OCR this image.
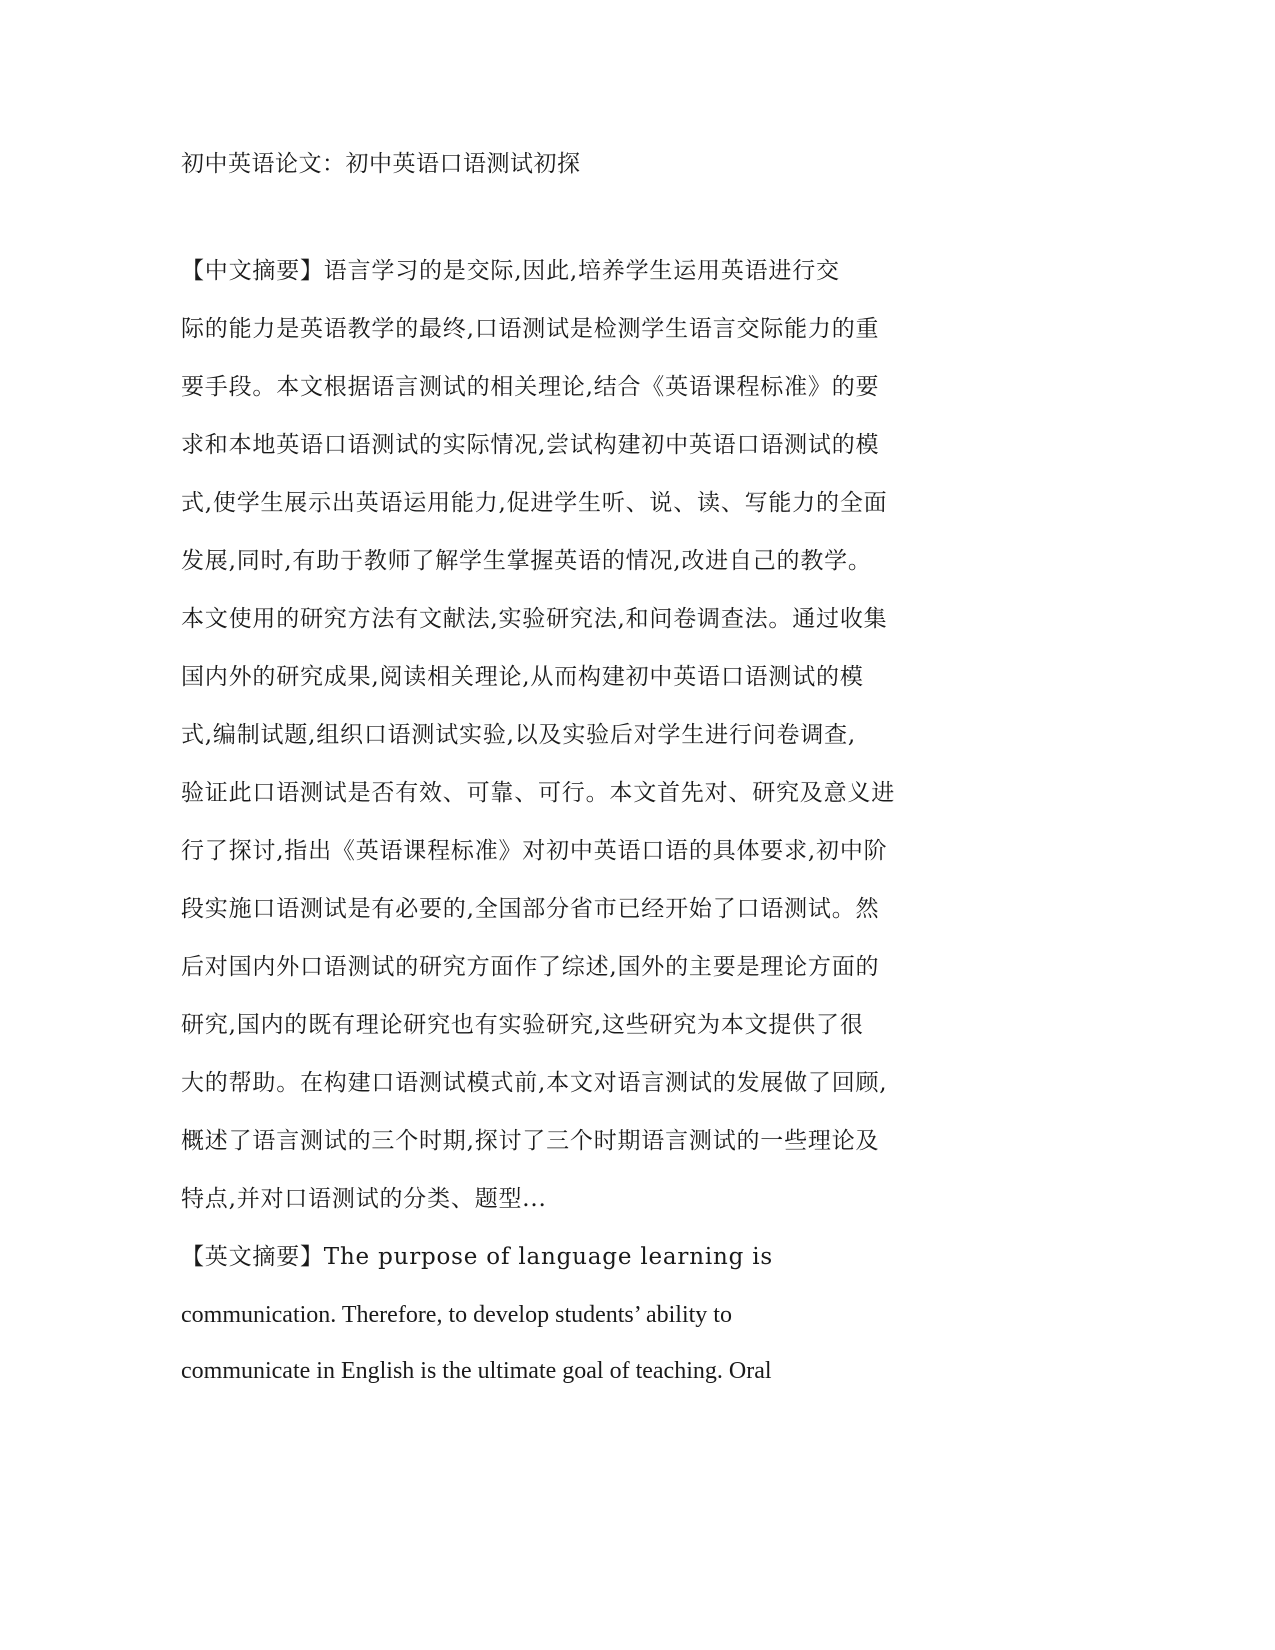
初中英语论文：初中英语口语测试初探
【中文摘要】语言学习的是交际,因此,培养学生运用英语进行交
际的能力是英语教学的最终,口语测试是检测学生语言交际能力的重
要手段。本文根据语言测试的相关理论,结合《英语课程标准》的要
求和本地英语口语测试的实际情况,尝试构建初中英语口语测试的模
式,使学生展示出英语运用能力,促进学生听、说、读、写能力的全面
发展,同时,有助于教师了解学生掌握英语的情况,改进自己的教学。
本文使用的研究方法有文献法,实验研究法,和问卷调查法。通过收集
国内外的研究成果,阅读相关理论,从而构建初中英语口语测试的模
式,编制试题,组织口语测试实验,以及实验后对学生进行问卷调查,
验证此口语测试是否有效、可靠、可行。本文首先对、研究及意义进
行了探讨,指出《英语课程标准》对初中英语口语的具体要求,初中阶
段实施口语测试是有必要的,全国部分省市已经开始了口语测试。然
后对国内外口语测试的研究方面作了综述,国外的主要是理论方面的
研究,国内的既有理论研究也有实验研究,这些研究为本文提供了很
大的帮助。在构建口语测试模式前,本文对语言测试的发展做了回顾,
概述了语言测试的三个时期,探讨了三个时期语言测试的一些理论及
特点,并对口语测试的分类、题型...
【英文摘要】The purpose of language learning is
communication. Therefore, to develop students’ ability to
communicate in English is the ultimate goal of teaching. Oral
